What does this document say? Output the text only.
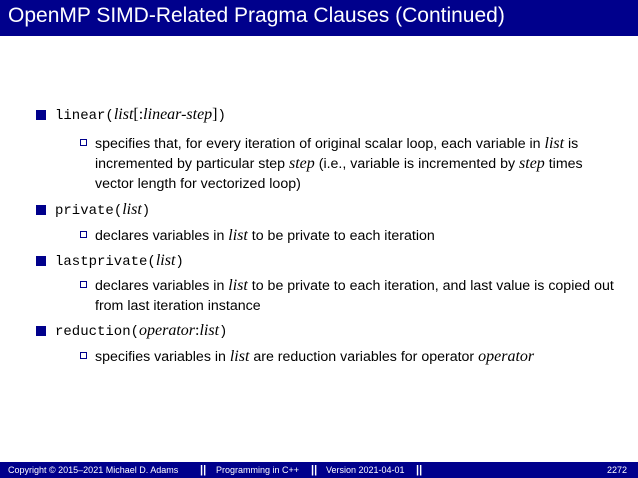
OpenMP SIMD-Related Pragma Clauses (Continued)
linear(list[:linear-step])
specifies that, for every iteration of original scalar loop, each variable in list is incremented by particular step step (i.e., variable is incremented by step times vector length for vectorized loop)
private(list)
declares variables in list to be private to each iteration
lastprivate(list)
declares variables in list to be private to each iteration, and last value is copied out from last iteration instance
reduction(operator:list)
specifies variables in list are reduction variables for operator operator
Copyright © 2015–2021 Michael D. Adams || Programming in C++ || Version 2021-04-01 ||	2272
